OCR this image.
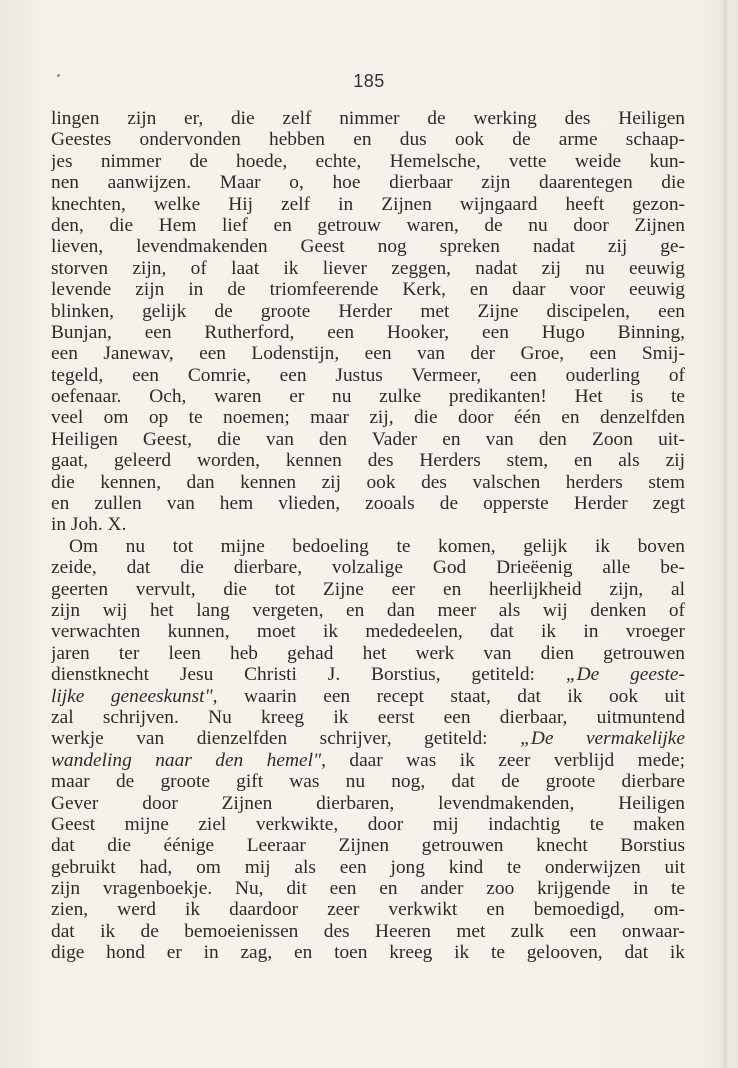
185
lingen zijn er, die zelf nimmer de werking des Heiligen
Geestes ondervonden hebben en dus ook de arme schaap-
jes nimmer de hoede, echte, Hemelsche, vette weide kun-
nen aanwijzen. Maar o, hoe dierbaar zijn daarentegen die
knechten, welke Hij zelf in Zijnen wijngaard heeft gezon-
den, die Hem lief en getrouw waren, de nu door Zijnen
lieven, levendmakenden Geest nog spreken nadat zij ge-
storven zijn, of laat ik liever zeggen, nadat zij nu eeuwig
levende zijn in de triomfeerende Kerk, en daar voor eeuwig
blinken, gelijk de groote Herder met Zijne discipelen, een
Bunjan, een Rutherford, een Hooker, een Hugo Binning,
een Janewav, een Lodenstijn, een van der Groe, een Smij-
tegeld, een Comrie, een Justus Vermeer, een ouderling of
oefenaar. Och, waren er nu zulke predikanten! Het is te
veel om op te noemen; maar zij, die door één en denzelfden
Heiligen Geest, die van den Vader en van den Zoon uit-
gaat, geleerd worden, kennen des Herders stem, en als zij
die kennen, dan kennen zij ook des valschen herders stem
en zullen van hem vlieden, zooals de opperste Herder zegt
in Joh. X.
Om nu tot mijne bedoeling te komen, gelijk ik boven
zeide, dat die dierbare, volzalige God Drieëenig alle be-
geerten vervult, die tot Zijne eer en heerlijkheid zijn, al
zijn wij het lang vergeten, en dan meer als wij denken of
verwachten kunnen, moet ik mededeelen, dat ik in vroeger
jaren ter leen heb gehad het werk van dien getrouwen
dienstknecht Jesu Christi J. Borstius, getiteld: „De geeste-
lijke geneeskunst", waarin een recept staat, dat ik ook uit
zal schrijven. Nu kreeg ik eerst een dierbaar, uitmuntend
werkje van dienzelfden schrijver, getiteld: „De vermakelijke
wandeling naar den hemel", daar was ik zeer verblijd mede;
maar de groote gift was nu nog, dat de groote dierbare
Gever door Zijnen dierbaren, levendmakenden, Heiligen
Geest mijne ziel verkwikte, door mij indachtig te maken
dat die éénige Leeraar Zijnen getrouwen knecht Borstius
gebruikt had, om mij als een jong kind te onderwijzen uit
zijn vragenboekje. Nu, dit een en ander zoo krijgende in te
zien, werd ik daardoor zeer verkwikt en bemoedigd, om-
dat ik de bemoeienissen des Heeren met zulk een onwaar-
dige hond er in zag, en toen kreeg ik te gelooven, dat ik
